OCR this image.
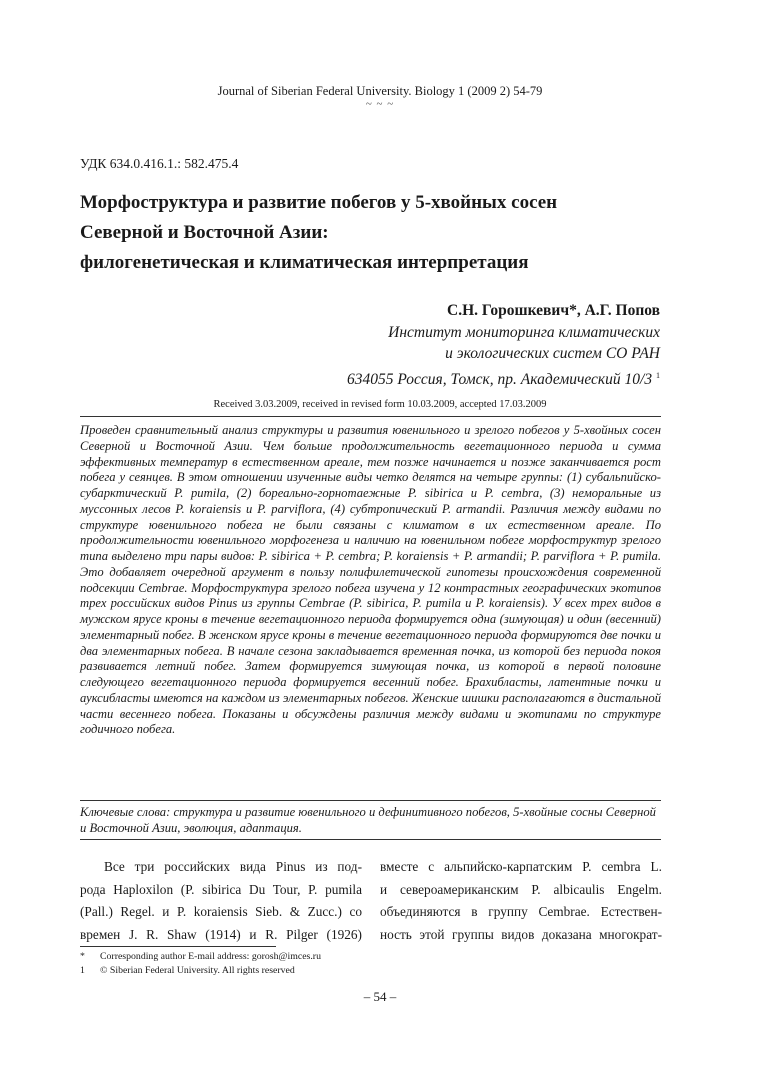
Journal of Siberian Federal University. Biology 1 (2009 2) 54-79
~ ~ ~
УДК 634.0.416.1.: 582.475.4
Морфоструктура и развитие побегов у 5-хвойных сосен
Северной и Восточной Азии:
филогенетическая и климатическая интерпретация
С.Н. Горошкевич*, А.Г. Попов
Институт мониторинга климатических
и экологических систем СО РАН
634055 Россия, Томск, пр. Академический 10/3 $^1$
Received 3.03.2009, received in revised form 10.03.2009, accepted 17.03.2009
Проведен сравнительный анализ структуры и развития ювенильного и зрелого побегов у 5-хвойных сосен Северной и Восточной Азии. Чем больше продолжительность вегетационного периода и сумма эффективных температур в естественном ареале, тем позже начинается и позже заканчивается рост побега у сеянцев. В этом отношении изученные виды четко делятся на четыре группы: (1) субальпийско-субарктический P. pumila, (2) бореально-горнотаежные P. sibirica и P. cembra, (3) неморальные из муссонных лесов P. koraiensis и P. parviflora, (4) субтропический P. armandii. Различия между видами по структуре ювенильного побега не были связаны с климатом в их естественном ареале. По продолжительности ювенильного морфогенеза и наличию на ювенильном побеге морфоструктур зрелого типа выделено три пары видов: P. sibirica + P. cembra; P. koraiensis + P. armandii; P. parviflora + P. pumila. Это добавляет очередной аргумент в пользу полифилетической гипотезы происхождения современной подсекции Cembrae. Морфоструктура зрелого побега изучена у 12 контрастных географических экотипов трех российских видов Pinus из группы Cembrae (P. sibirica, P. pumila и P. koraiensis). У всех трех видов в мужском ярусе кроны в течение вегетационного периода формируется одна (зимующая) и один (весенний) элементарный побег. В женском ярусе кроны в течение вегетационного периода формируются две почки и два элементарных побега. В начале сезона закладывается временная почка, из которой без периода покоя развивается летний побег. Затем формируется зимующая почка, из которой в первой половине следующего вегетационного периода формируется весенний побег. Брахибласты, латентные почки и ауксибласты имеются на каждом из элементарных побегов. Женские шишки располагаются в дистальной части весеннего побега. Показаны и обсуждены различия между видами и экотипами по структуре годичного побега.
Ключевые слова: структура и развитие ювенильного и дефинитивного побегов, 5-хвойные сосны Северной и Восточной Азии, эволюция, адаптация.
Все три российских вида Pinus из под-
рода Haploxilon (P. sibirica Du Tour, P. pumila
(Pall.) Regel. и P. koraiensis Sieb. & Zucc.) со
времен J. R. Shaw (1914) и R. Pilger (1926)
вместе с альпийско-карпатским P. cembra L.
и североамериканским P. albicaulis Engelm.
объединяются в группу Cembrae. Естествен-
ность этой группы видов доказана многократ-
* Corresponding author E-mail address: gorosh@imces.ru
1 © Siberian Federal University. All rights reserved
– 54 –
